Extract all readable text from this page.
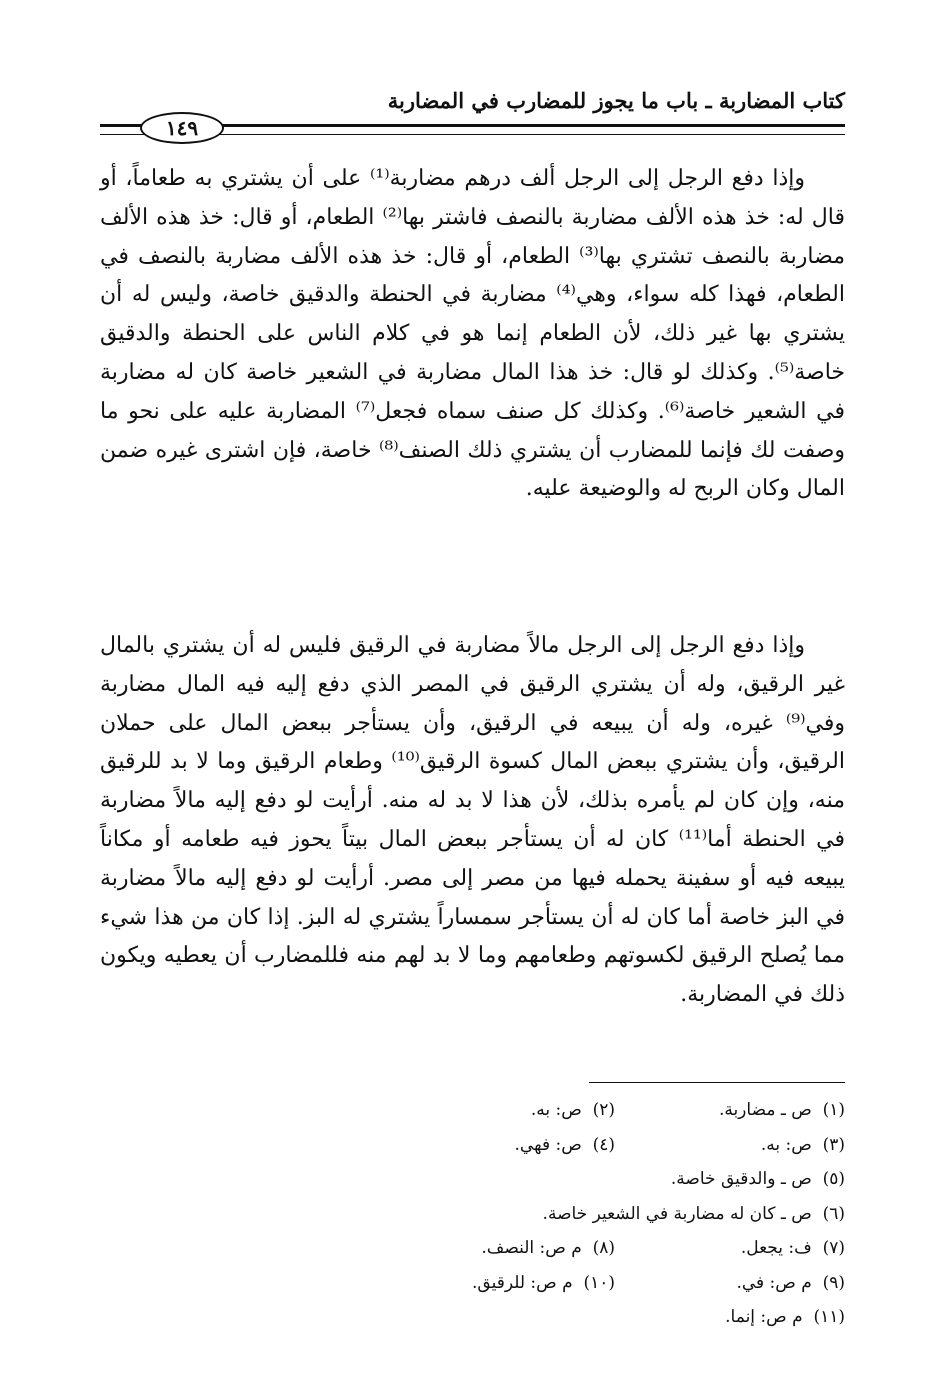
كتاب المضاربة ـ باب ما يجوز للمضارب في المضاربة
١٤٩

وإذا دفع الرجل إلى الرجل ألف درهم مضاربة⁽¹⁾ على أن يشتري به طعاماً، أو قال له: خذ هذه الألف مضاربة بالنصف فاشتر بها⁽²⁾ الطعام، أو قال: خذ هذه الألف مضاربة بالنصف تشتري بها⁽³⁾ الطعام، أو قال: خذ هذه الألف مضاربة بالنصف في الطعام، فهذا كله سواء، وهي⁽⁴⁾ مضاربة في الحنطة والدقيق خاصة، وليس له أن يشتري بها غير ذلك، لأن الطعام إنما هو في كلام الناس على الحنطة والدقيق خاصة⁽⁵⁾. وكذلك لو قال: خذ هذا المال مضاربة في الشعير خاصة كان له مضاربة في الشعير خاصة⁽⁶⁾. وكذلك كل صنف سماه فجعل⁽⁷⁾ المضاربة عليه على نحو ما وصفت لك فإنما للمضارب أن يشتري ذلك الصنف⁽⁸⁾ خاصة، فإن اشترى غيره ضمن المال وكان الربح له والوضيعة عليه.

وإذا دفع الرجل إلى الرجل مالاً مضاربة في الرقيق فليس له أن يشتري بالمال غير الرقيق، وله أن يشتري الرقيق في المصر الذي دفع إليه فيه المال مضاربة وفي⁽⁹⁾ غيره، وله أن يبيعه في الرقيق، وأن يستأجر ببعض المال على حملان الرقيق، وأن يشتري ببعض المال كسوة الرقيق⁽¹⁰⁾ وطعام الرقيق وما لا بد للرقيق منه، وإن كان لم يأمره بذلك، لأن هذا لا بد له منه. أرأيت لو دفع إليه مالاً مضاربة في الحنطة أما⁽¹¹⁾ كان له أن يستأجر ببعض المال بيتاً يحوز فيه طعامه أو مكاناً يبيعه فيه أو سفينة يحمله فيها من مصر إلى مصر. أرأيت لو دفع إليه مالاً مضاربة في البز خاصة أما كان له أن يستأجر سمساراً يشتري له البز. إذا كان من هذا شيء مما يُصلح الرقيق لكسوتهم وطعامهم وما لا بد لهم منه فللمضارب أن يعطيه ويكون ذلك في المضاربة.

(١)  ص ـ مضاربة.
(٢)  ص: به.
(٣)  ص: به.
(٤)  ص: فهي.
(٥)  ص ـ والدقيق خاصة.
(٦)  ص ـ كان له مضاربة في الشعير خاصة.
(٧)  ف: يجعل.
(٨)  م ص: النصف.
(٩)  م ص: في.
(١٠)  م ص: للرقيق.
(١١)  م ص: إنما.
